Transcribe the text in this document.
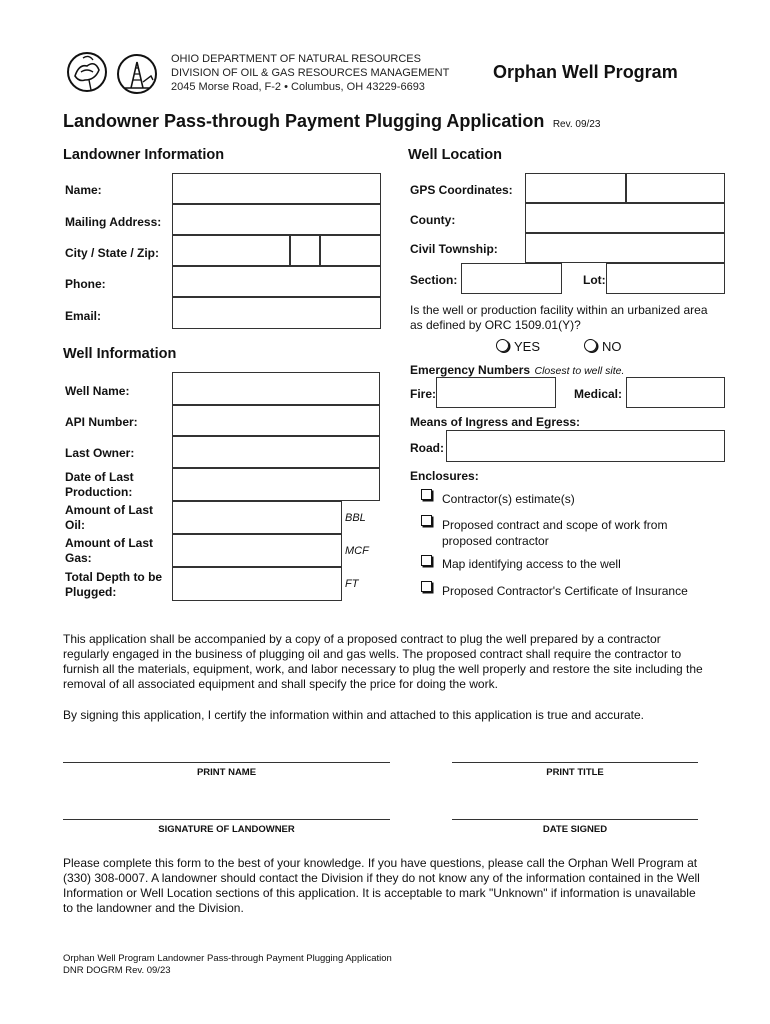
OHIO DEPARTMENT OF NATURAL RESOURCES
DIVISION OF OIL & GAS RESOURCES MANAGEMENT
2045 Morse Road, F-2 • Columbus, OH 43229-6693
Orphan Well Program
Landowner Pass-through Payment Plugging Application Rev. 09/23
Landowner Information
Name:
Mailing Address:
City / State / Zip:
Phone:
Email:
Well Information
Well Name:
API Number:
Last Owner:
Date of Last Production:
Amount of Last Oil:	BBL
Amount of Last Gas:	MCF
Total Depth to be Plugged:
FT
Well Location
GPS Coordinates:
County:
Civil Township:
Section:	Lot:
Is the well or production facility within an urbanized area as defined by ORC 1509.01(Y)?
YES	NO
Emergency Numbers Closest to well site.
Fire:	Medical:
Means of Ingress and Egress:
Road:
Enclosures:
Contractor(s) estimate(s)
Proposed contract and scope of work from proposed contractor
Map identifying access to the well
Proposed Contractor's Certificate of Insurance
This application shall be accompanied by a copy of a proposed contract to plug the well prepared by a contractor regularly engaged in the business of plugging oil and gas wells. The proposed contract shall require the contractor to furnish all the materials, equipment, work, and labor necessary to plug the well properly and restore the site including the removal of all associated equipment and shall specify the price for doing the work.
By signing this application, I certify the information within and attached to this application is true and accurate.
PRINT NAME	PRINT TITLE
SIGNATURE OF LANDOWNER	DATE SIGNED
Please complete this form to the best of your knowledge. If you have questions, please call the Orphan Well Program at (330) 308-0007. A landowner should contact the Division if they do not know any of the information contained in the Well Information or Well Location sections of this application. It is acceptable to mark "Unknown" if information is unavailable to the landowner and the Division.
Orphan Well Program Landowner Pass-through Payment Plugging Application
DNR DOGRM Rev. 09/23
